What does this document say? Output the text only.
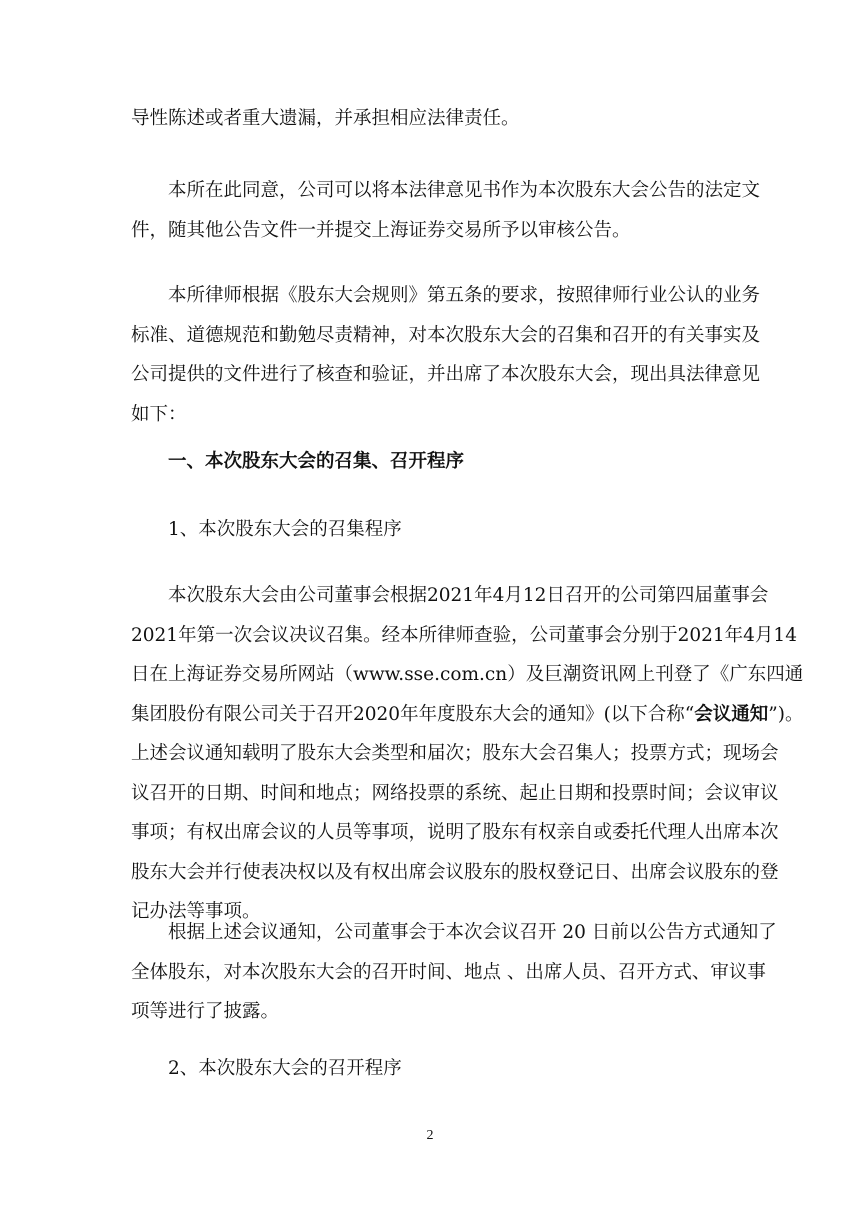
导性陈述或者重大遗漏，并承担相应法律责任。

　　本所在此同意，公司可以将本法律意见书作为本次股东大会公告的法定文
件，随其他公告文件一并提交上海证券交易所予以审核公告。

　　本所律师根据《股东大会规则》第五条的要求，按照律师行业公认的业务
标准、道德规范和勤勉尽责精神，对本次股东大会的召集和召开的有关事实及
公司提供的文件进行了核查和验证，并出席了本次股东大会，现出具法律意见
如下：

　　一、本次股东大会的召集、召开程序

　　1、本次股东大会的召集程序

　　本次股东大会由公司董事会根据2021年4月12日召开的公司第四届董事会
2021年第一次会议决议召集。经本所律师查验，公司董事会分别于2021年4月14
日在上海证券交易所网站（www.sse.com.cn）及巨潮资讯网上刊登了《广东四通
集团股份有限公司关于召开2020年年度股东大会的通知》(以下合称“会议通知”)。
上述会议通知载明了股东大会类型和届次；股东大会召集人；投票方式；现场会
议召开的日期、时间和地点；网络投票的系统、起止日期和投票时间；会议审议
事项；有权出席会议的人员等事项，说明了股东有权亲自或委托代理人出席本次
股东大会并行使表决权以及有权出席会议股东的股权登记日、出席会议股东的登
记办法等事项。

　　根据上述会议通知，公司董事会于本次会议召开 20 日前以公告方式通知了
全体股东，对本次股东大会的召开时间、地点 、出席人员、召开方式、审议事
项等进行了披露。

　　2、本次股东大会的召开程序

2
